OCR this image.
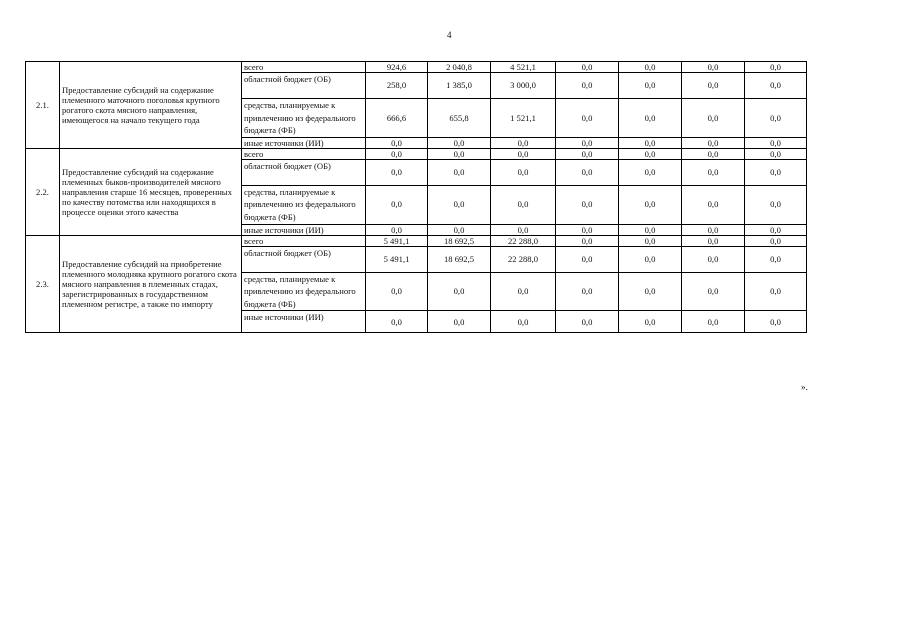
4
2.1.	Предоставление субсидий на содержание племенного маточного поголовья крупного рогатого скота мясного направления, имеющегося на начало текущего года	всего	924,6	2 040,8	4 521,1	0,0	0,0	0,0	0,0
		областной бюджет (ОБ)	258,0	1 385,0	3 000,0	0,0	0,0	0,0	0,0
		средства, планируемые к привлечению из федерального бюджета (ФБ)	666,6	655,8	1 521,1	0,0	0,0	0,0	0,0
		иные источники (ИИ)	0,0	0,0	0,0	0,0	0,0	0,0	0,0
2.2.	Предоставление субсидий на содержание племенных быков-производителей мясного направления старше 16 месяцев, проверенных по качеству потомства или находящихся в процессе оценки этого качества	всего	0,0	0,0	0,0	0,0	0,0	0,0	0,0
		областной бюджет (ОБ)	0,0	0,0	0,0	0,0	0,0	0,0	0,0
		средства, планируемые к привлечению из федерального бюджета (ФБ)	0,0	0,0	0,0	0,0	0,0	0,0	0,0
		иные источники (ИИ)	0,0	0,0	0,0	0,0	0,0	0,0	0,0
2.3.	Предоставление субсидий на приобретение племенного молодняка крупного рогатого скота мясного направления в племенных стадах, зарегистрированных в государственном племенном регистре, а также по импорту	всего	5 491,1	18 692,5	22 288,0	0,0	0,0	0,0	0,0
		областной бюджет (ОБ)	5 491,1	18 692,5	22 288,0	0,0	0,0	0,0	0,0
		средства, планируемые к привлечению из федерального бюджета (ФБ)	0,0	0,0	0,0	0,0	0,0	0,0	0,0
		иные источники (ИИ)	0,0	0,0	0,0	0,0	0,0	0,0	0,0
».
